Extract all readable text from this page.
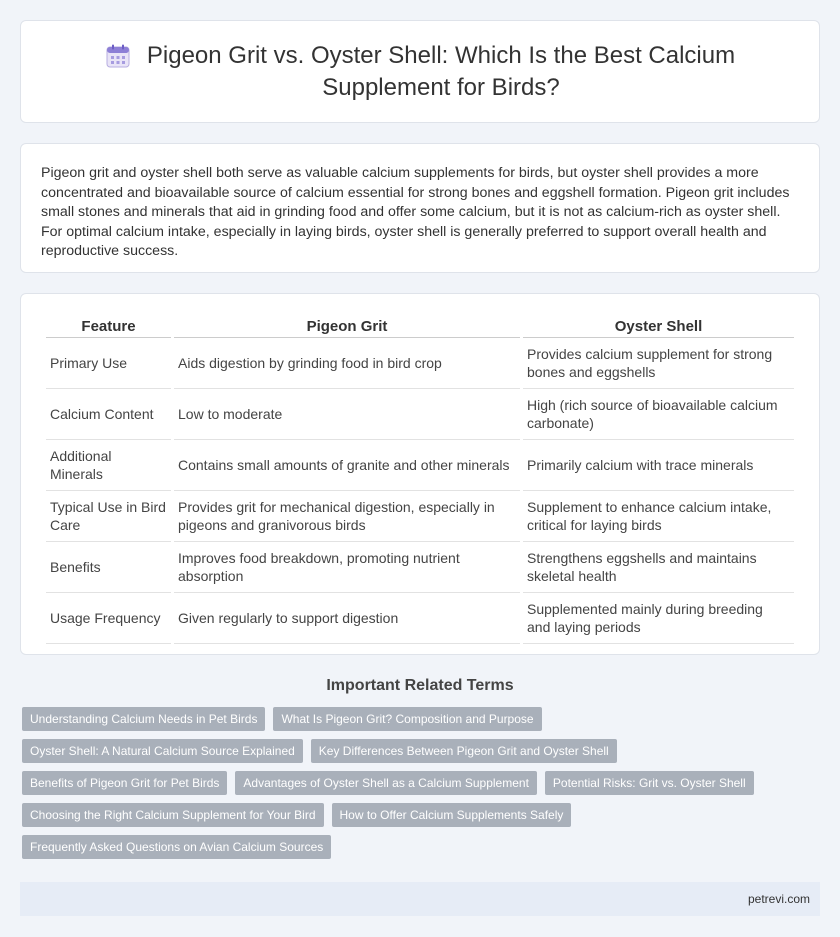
Pigeon Grit vs. Oyster Shell: Which Is the Best Calcium
Supplement for Birds?

Pigeon grit and oyster shell both serve as valuable calcium supplements for birds, but oyster shell provides a more concentrated and bioavailable source of calcium essential for strong bones and eggshell formation. Pigeon grit includes small stones and minerals that aid in grinding food and offer some calcium, but it is not as calcium-rich as oyster shell. For optimal calcium intake, especially in laying birds, oyster shell is generally preferred to support overall health and reproductive success.

Feature	Pigeon Grit	Oyster Shell
Primary Use	Aids digestion by grinding food in bird crop	Provides calcium supplement for strong bones and eggshells
Calcium Content	Low to moderate	High (rich source of bioavailable calcium carbonate)
Additional Minerals	Contains small amounts of granite and other minerals	Primarily calcium with trace minerals
Typical Use in Bird Care	Provides grit for mechanical digestion, especially in pigeons and granivorous birds	Supplement to enhance calcium intake, critical for laying birds
Benefits	Improves food breakdown, promoting nutrient absorption	Strengthens eggshells and maintains skeletal health
Usage Frequency	Given regularly to support digestion	Supplemented mainly during breeding and laying periods
Important Related Terms
Understanding Calcium Needs in Pet Birds	What Is Pigeon Grit? Composition and Purpose
Oyster Shell: A Natural Calcium Source Explained	Key Differences Between Pigeon Grit and Oyster Shell
Benefits of Pigeon Grit for Pet Birds	Advantages of Oyster Shell as a Calcium Supplement	Potential Risks: Grit vs. Oyster Shell
Choosing the Right Calcium Supplement for Your Bird	How to Offer Calcium Supplements Safely
Frequently Asked Questions on Avian Calcium Sources
petrevi.com
